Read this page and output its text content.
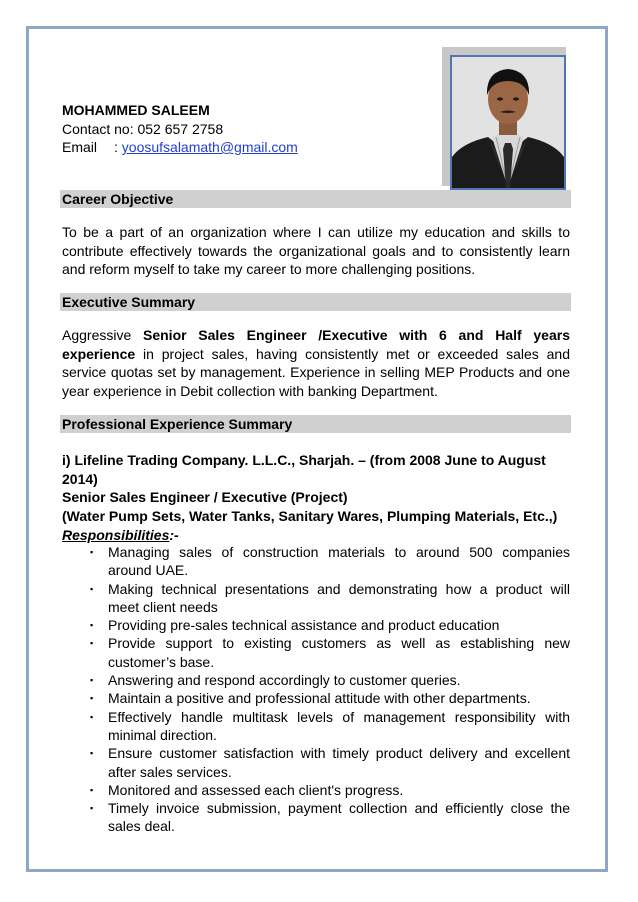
MOHAMMED SALEEM
Contact no: 052 657 2758
Email : yoosufsalamath@gmail.com
Career Objective
To be a part of an organization where I can utilize my education and skills to contribute effectively towards the organizational goals and to consistently learn and reform myself to take my career to more challenging positions.
Executive Summary
Aggressive Senior Sales Engineer /Executive with 6 and Half years experience in project sales, having consistently met or exceeded sales and service quotas set by management. Experience in selling MEP Products and one year experience in Debit collection with banking Department.
Professional Experience Summary
i) Lifeline Trading Company. L.L.C., Sharjah. – (from 2008 June to August 2014)
Senior Sales Engineer / Executive (Project)
(Water Pump Sets, Water Tanks, Sanitary Wares, Plumping Materials, Etc.,)
Responsibilities:-
▪ Managing sales of construction materials to around 500 companies around UAE.
▪ Making technical presentations and demonstrating how a product will meet client needs
▪ Providing pre-sales technical assistance and product education
▪ Provide support to existing customers as well as establishing new customer’s base.
▪ Answering and respond accordingly to customer queries.
▪ Maintain a positive and professional attitude with other departments.
▪ Effectively handle multitask levels of management responsibility with minimal direction.
▪ Ensure customer satisfaction with timely product delivery and excellent after sales services.
▪ Monitored and assessed each client's progress.
▪ Timely invoice submission, payment collection and efficiently close the sales deal.
